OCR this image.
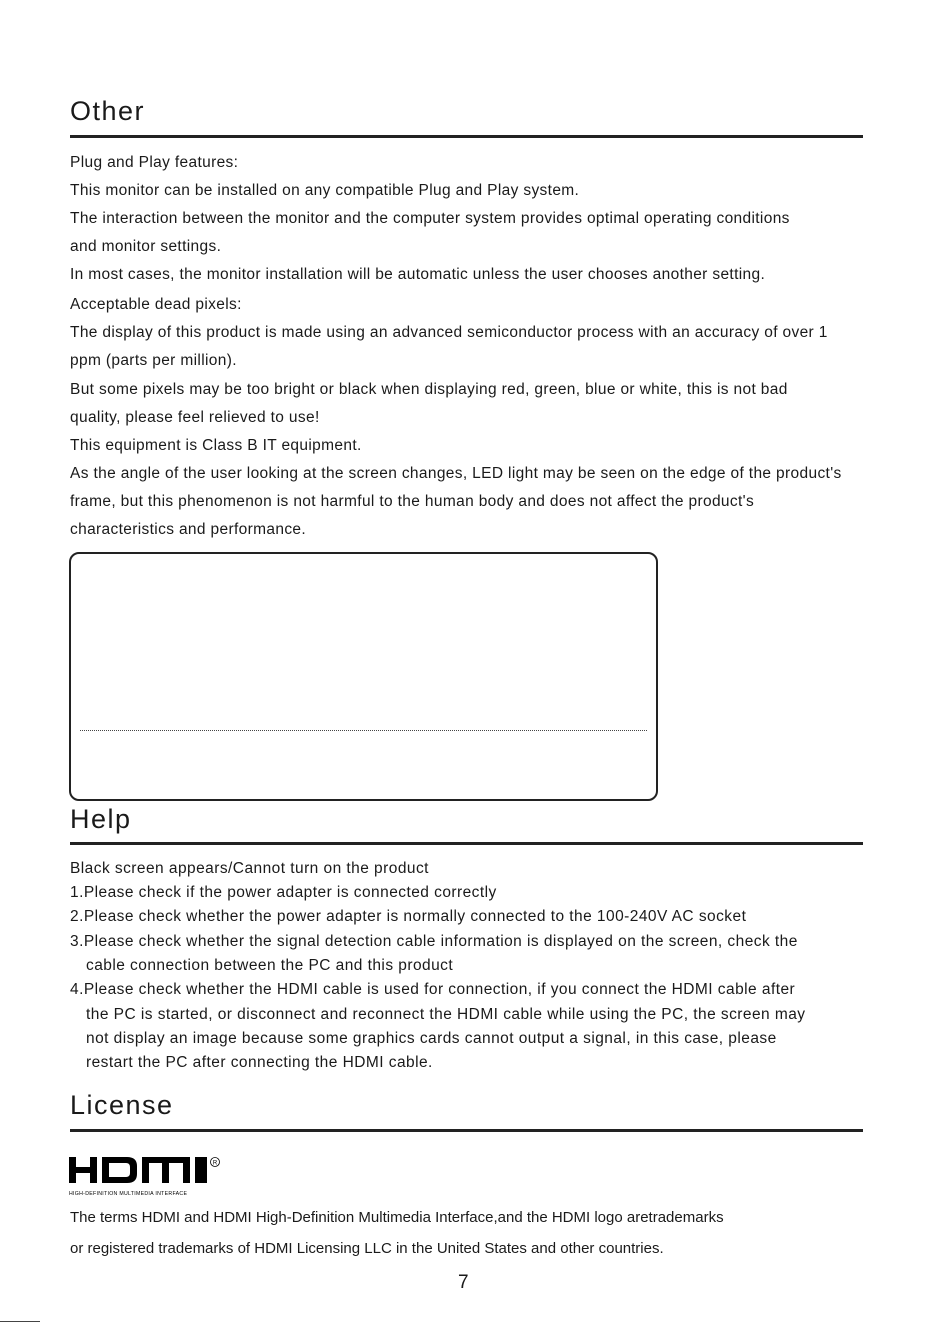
Other
Plug and Play features:
This monitor can be installed on any compatible Plug and Play system.
The interaction between the monitor and the computer system provides optimal operating conditions
and monitor settings.
In most cases, the monitor installation will be automatic unless the user chooses another setting.
Acceptable dead pixels:
The display of this product is made using an advanced semiconductor process with an accuracy of over 1
ppm (parts per million).
But some pixels may be too bright or black when displaying red, green, blue or white, this is not bad
quality, please feel relieved to use!
This equipment is Class B IT equipment.
As the angle of the user looking at the screen changes, LED light may be seen on the edge of the product's
frame, but this phenomenon is not harmful to the human body and does not affect the product's
characteristics and performance.
Help
Black screen appears/Cannot turn on the product
1.Please check if the power adapter is connected correctly
2.Please check whether the power adapter is normally connected to the 100-240V AC socket
3.Please check whether the signal detection cable information is displayed on the screen, check the
cable connection between the PC and this product
4.Please check whether the HDMI cable is used for connection, if you connect the HDMI cable after
the PC is started, or disconnect and reconnect the HDMI cable while using the PC, the screen may
not display an image because some graphics cards cannot output a signal, in this case, please
restart the PC after connecting the HDMI cable.
License
R
HIGH-DEFINITION MULTIMEDIA INTERFACE
The terms HDMI and HDMI High-Definition Multimedia Interface,and the HDMI logo aretrademarks
or registered trademarks of HDMI Licensing LLC in the United States and other countries.
7
